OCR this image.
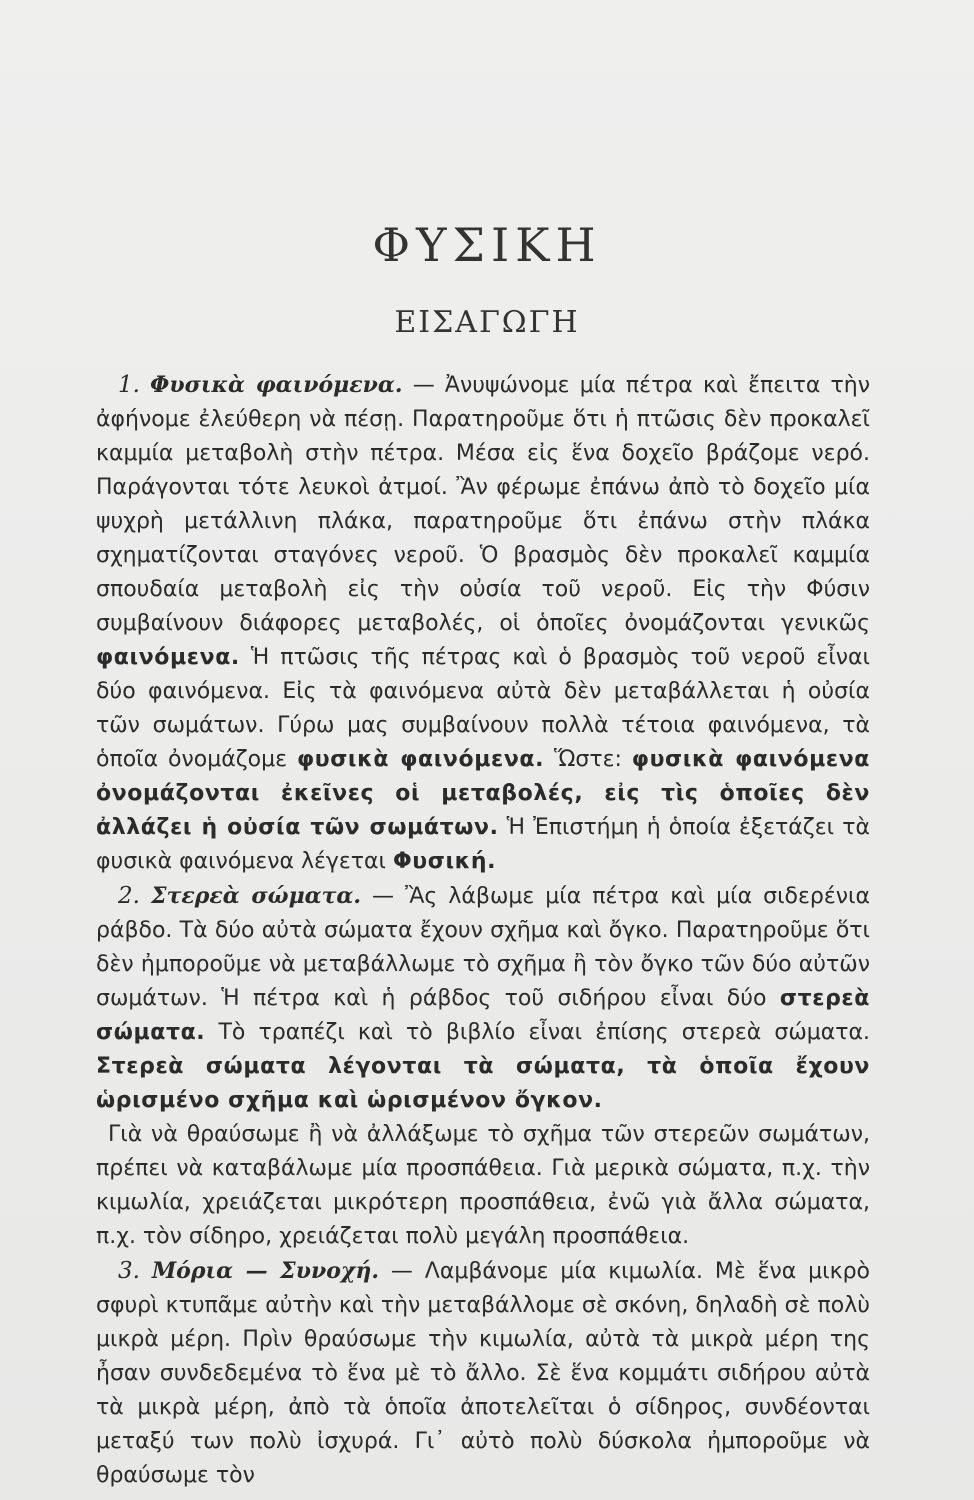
ΦΥΣΙΚΗ
ΕΙΣΑΓΩΓΗ

1. Φυσικὰ φαινόμενα. — Ἀνυψώνομε μία πέτρα καὶ ἔπειτα τὴν ἀφήνομε ἐλεύθερη νὰ πέσῃ. Παρατηροῦμε ὅτι ἡ πτῶσις δὲν προκαλεῖ καμμία μεταβολὴ στὴν πέτρα. Μέσα εἰς ἕνα δοχεῖο βράζομε νερό. Παράγονται τότε λευκοὶ ἀτμοί. Ἂν φέρωμε ἐπάνω ἀπὸ τὸ δοχεῖο μία ψυχρὴ μετάλλινη πλάκα, παρατηροῦμε ὅτι ἐπάνω στὴν πλάκα σχηματίζονται σταγόνες νεροῦ. Ὁ βρασμὸς δὲν προκαλεῖ καμμία σπουδαία μεταβολὴ εἰς τὴν οὐσία τοῦ νεροῦ. Εἰς τὴν Φύσιν συμβαίνουν διάφορες μεταβολές, οἱ ὁποῖες ὀνομάζονται γενικῶς φαινόμενα. Ἡ πτῶσις τῆς πέτρας καὶ ὁ βρασμὸς τοῦ νεροῦ εἶναι δύο φαινόμενα. Εἰς τὰ φαινόμενα αὐτὰ δὲν μεταβάλλεται ἡ οὐσία τῶν σωμάτων. Γύρω μας συμβαίνουν πολλὰ τέτοια φαινόμενα, τὰ ὁποῖα ὀνομάζομε φυσικὰ φαινόμενα. Ὥστε: φυσικὰ φαινόμενα ὀνομάζονται ἐκεῖνες οἱ μεταβολές, εἰς τὶς ὁποῖες δὲν ἀλλάζει ἡ οὐσία τῶν σωμάτων. Ἡ Ἐπιστήμη ἡ ὁποία ἐξετάζει τὰ φυσικὰ φαινόμενα λέγεται Φυσική.

2. Στερεὰ σώματα. — Ἂς λάβωμε μία πέτρα καὶ μία σιδερένια ράβδο. Τὰ δύο αὐτὰ σώματα ἔχουν σχῆμα καὶ ὄγκο. Παρατηροῦμε ὅτι δὲν ἠμποροῦμε νὰ μεταβάλλωμε τὸ σχῆμα ἢ τὸν ὄγκο τῶν δύο αὐτῶν σωμάτων. Ἡ πέτρα καὶ ἡ ράβδος τοῦ σιδήρου εἶναι δύο στερεὰ σώματα. Τὸ τραπέζι καὶ τὸ βιβλίο εἶναι ἐπίσης στερεὰ σώματα. Στερεὰ σώματα λέγονται τὰ σώματα, τὰ ὁποῖα ἔχουν ὡρισμένο σχῆμα καὶ ὡρισμένον ὄγκον.

Γιὰ νὰ θραύσωμε ἢ νὰ ἀλλάξωμε τὸ σχῆμα τῶν στερεῶν σωμάτων, πρέπει νὰ καταβάλωμε μία προσπάθεια. Γιὰ μερικὰ σώματα, π.χ. τὴν κιμωλία, χρειάζεται μικρότερη προσπάθεια, ἐνῶ γιὰ ἄλλα σώματα, π.χ. τὸν σίδηρο, χρειάζεται πολὺ μεγάλη προσπάθεια.

3. Μόρια — Συνοχή. — Λαμβάνομε μία κιμωλία. Μὲ ἕνα μικρὸ σφυρὶ κτυπᾶμε αὐτὴν καὶ τὴν μεταβάλλομε σὲ σκόνη, δηλαδὴ σὲ πολὺ μικρὰ μέρη. Πρὶν θραύσωμε τὴν κιμωλία, αὐτὰ τὰ μικρὰ μέρη της ἦσαν συνδεδεμένα τὸ ἕνα μὲ τὸ ἄλλο. Σὲ ἕνα κομμάτι σιδήρου αὐτὰ τὰ μικρὰ μέρη, ἀπὸ τὰ ὁποῖα ἀποτελεῖται ὁ σίδηρος, συνδέονται μεταξύ των πολὺ ἰσχυρά. Γι᾿ αὐτὸ πολὺ δύσκολα ἠμποροῦμε νὰ θραύσωμε τὸν
